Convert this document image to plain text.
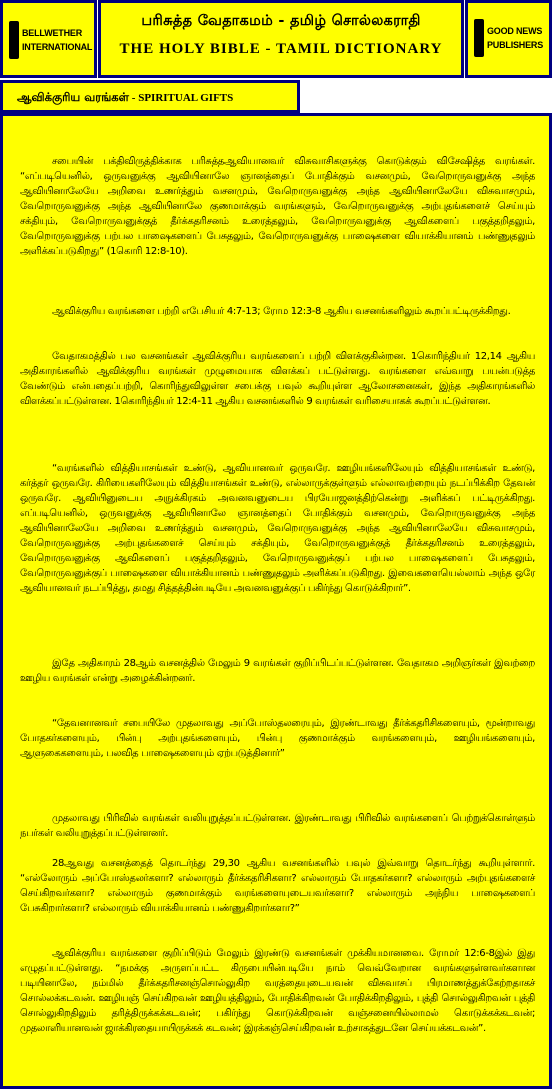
BELLWETHER
INTERNATIONAL
பரிசுத்த வேதாகமம் - தமிழ் சொல்லகராதி
THE HOLY BIBLE - TAMIL DICTIONARY
GOOD NEWS
PUBLISHERS
ஆவிக்குரிய வரங்கள் - SPIRITUAL GIFTS
சபையின் பக்திவிருத்திக்காக பரிசுத்தஆவியானவர் விசுவாசிகளுக்கு கொடுக்கும் விசேஷித்த வரங்கள். “எப்படியெனில், ஒருவனுக்கு ஆவியினாலே ஞானத்தைப் போதிக்கும் வசனமும், வேறொருவனுக்கு அந்த ஆவியினாலேயே அறிவை உணர்த்தும் வசனமும், வேறொருவனுக்கு அந்த ஆவியினாலேயே விசுவாசமும், வேறொருவனுக்கு அந்த ஆவியினாலே குணமாக்கும் வரங்களும், வேறொருவனுக்கு அற்புதங்களைச் செய்யும் சக்தியும், வேறொருவனுக்குத் தீர்க்கதரிசனம் உரைத்தலும், வேறொருவனுக்கு ஆவிகளைப் பகுத்தறிதலும், வேறொருவனுக்கு பற்பல பாஷைகளைப் பேசுதலும், வேறொருவனுக்கு பாஷைகளை வியாக்கியானம் பண்ணுதலும் அளிக்கப்படுகிறது” (1கொரி 12:8-10).
ஆவிக்குரிய வரங்களை பற்றி எபேசியர் 4:7-13; ரோம 12:3-8 ஆகிய வசனங்களிலும் கூறப்பட்டிருக்கிறது.
வேதாகமத்தில் பல வசனங்கள் ஆவிக்குரிய வரங்களைப் பற்றி விளக்குகின்றன. 1கொரிந்தியர் 12,14 ஆகிய அதிகாரங்களில் ஆவிக்குரிய வரங்கள் முழுமையாக விளக்கப் பட்டுள்ளது. வரங்களை எவ்வாறு பயன்படுத்த வேண்டும் என்பதைப்பற்றி, கொரிந்துவிலுள்ள சபைக்கு பவுல் கூறியுள்ள ஆலோசனைகள், இந்த அதிகாரங்களில் விளக்கப்பட்டுள்ளன. 1கொரிந்தியர் 12:4-11 ஆகிய வசனங்களில் 9 வரங்கள் வரிசையாகக் கூறப்பட்டுள்ளன.
“வரங்களில் வித்தியாசங்கள் உண்டு, ஆவியானவர் ஒருவரே. ஊழியங்களிலேயும் வித்தியாசங்கள் உண்டு, கர்த்தர் ஒருவரே. கிரியைகளிலேயும் வித்தியாசங்கள் உண்டு, எல்லாருக்குள்ளும் எல்லாவற்றையும் நடப்பிக்கிற தேவன் ஒருவரே. ஆவியினுடைய அநுக்கிரகம் அவனவனுடைய பிரயோஜனத்திற்கென்று அளிக்கப் பட்டிருக்கிறது. எப்படியெனில், ஒருவனுக்கு ஆவியினாலே ஞானத்தைப் போதிக்கும் வசனமும், வேறொருவனுக்கு அந்த ஆவியினாலேயே அறிவை உணர்த்தும் வசனமும், வேறொருவனுக்கு அந்த ஆவியினாலேயே விசுவாசமும், வேறொருவனுக்கு அற்புதங்களைச் செய்யும் சக்தியும், வேறொருவனுக்குத் தீர்க்கதரிசனம் உரைத்தலும், வேறொருவனுக்கு ஆவிகளைப் பகுத்தறிதலும், வேறொருவனுக்குப் பற்பல பாஷைகளைப் பேசுதலும், வேறொருவனுக்குப் பாஷைகளை வியாக்கியானம் பண்ணுதலும் அளிக்கப்படுகிறது. இவைகளையெல்லாம் அந்த ஒரே ஆவியானவர் நடப்பித்து, தமது சித்தத்தின்படியே அவனவனுக்குப் பகிர்ந்து கொடுக்கிறார்”.
இதே அதிகாரம் 28ஆம் வசனத்தில் மேலும் 9 வரங்கள் குறிப்பிடப்பட்டுள்ளன. வேதாகம அறிஞர்கள் இவற்றை ஊழிய வரங்கள் என்று அழைக்கின்றனர்.
“தேவனானவர் சபையிலே முதலாவது அப்போஸ்தலரையும், இரண்டாவது தீர்க்கதரிசிகளையும், மூன்றாவது போதகர்களையும், பின்பு அற்புதங்களையும், பின்பு குணமாக்கும் வரங்களையும், ஊழியங்களையும், ஆளுகைகளையும், பலவித பாஷைகளையும் ஏற்படுத்தினார்”
முதலாவது பிரிவில் வரங்கள் வலியுறுத்தப்பட்டுள்ளன. இரண்டாவது பிரிவில் வரங்களைப் பெற்றுக்கொள்ளும் நபர்கள் வலியுறுத்தப்பட்டுள்ளனர்.
28ஆவது வசனத்தைத் தொடர்ந்து 29,30 ஆகிய வசனங்களில் பவுல் இவ்வாறு தொடர்ந்து கூறியுள்ளார். “எல்லோரும் அப்போஸ்தலர்களா? எல்லாரும் தீர்க்கதரிசிகளா? எல்லாரும் போதகர்களா? எல்லாரும் அற்புதங்களைச் செய்கிறவர்களா? எல்லாரும் குணமாக்கும் வரங்களையுடையவர்களா? எல்லாரும் அந்நிய பாஷைகளைப் பேசுகிறார்களா? எல்லாரும் வியாக்கியானம் பண்ணுகிறார்களா?”
ஆவிக்குரிய வரங்களை குறிப்பிடும் மேலும் இரண்டு வசனங்கள் முக்கியமானவை. ரோமர் 12:6-8இல் இது எழுதப்பட்டுள்ளது. “நமக்கு அருளப்பட்ட கிருபையின்படியே நாம் வெவ்வேறான வரங்களுள்ளவர்களான படியினாலே, நம்மில் தீர்க்கதரிசனஞ்சொல்லுகிற வரத்தையுடையவன் விசுவாசப் பிரமாணத்துக்கேற்றதாகச் சொல்லக்கடவன். ஊழியஞ் செய்கிறவன் ஊழியத்திலும், போதிக்கிறவன் போதிக்கிறதிலும், புத்தி சொல்லுகிறவன் புத்தி சொல்லுகிறதிலும் தரித்திருக்கக்கடவன்; பகிர்ந்து கொடுக்கிறவன் வஞ்சனையில்லாமல் கொடுக்கக்கடவன்; முதலாளியானவன் ஜாக்கிரதையாயிருக்கக் கடவன்; இரக்கஞ்செய்கிறவன் உற்சாகத்துடனே செய்யக்கடவன்”.
